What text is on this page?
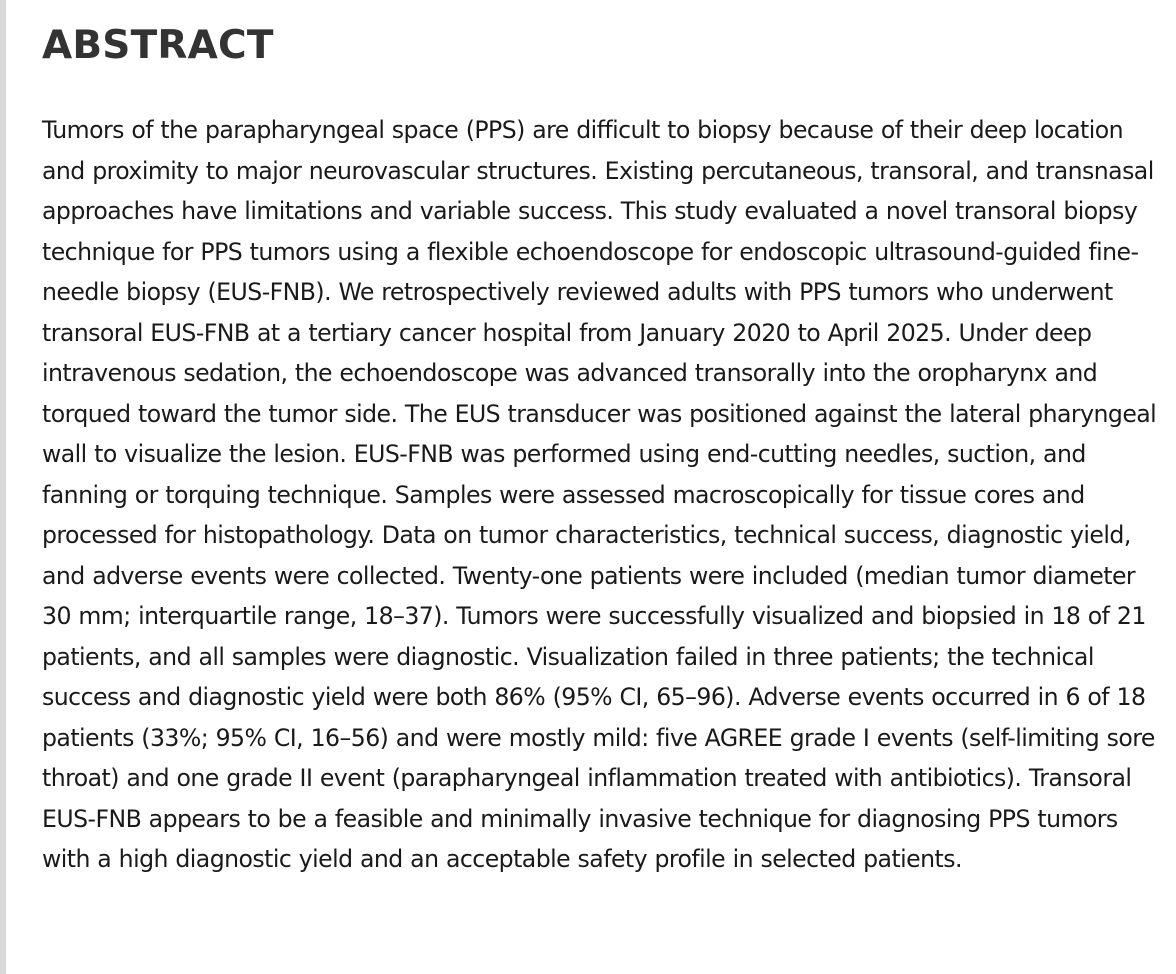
ABSTRACT

Tumors of the parapharyngeal space (PPS) are difficult to biopsy because of their deep location and proximity to major neurovascular structures. Existing percutaneous, transoral, and transnasal approaches have limitations and variable success. This study evaluated a novel transoral biopsy technique for PPS tumors using a flexible echoendoscope for endoscopic ultrasound-guided fine-needle biopsy (EUS-FNB). We retrospectively reviewed adults with PPS tumors who underwent transoral EUS-FNB at a tertiary cancer hospital from January 2020 to April 2025. Under deep intravenous sedation, the echoendoscope was advanced transorally into the oropharynx and torqued toward the tumor side. The EUS transducer was positioned against the lateral pharyngeal wall to visualize the lesion. EUS-FNB was performed using end-cutting needles, suction, and fanning or torquing technique. Samples were assessed macroscopically for tissue cores and processed for histopathology. Data on tumor characteristics, technical success, diagnostic yield, and adverse events were collected. Twenty-one patients were included (median tumor diameter 30 mm; interquartile range, 18–37). Tumors were successfully visualized and biopsied in 18 of 21 patients, and all samples were diagnostic. Visualization failed in three patients; the technical success and diagnostic yield were both 86% (95% CI, 65–96). Adverse events occurred in 6 of 18 patients (33%; 95% CI, 16–56) and were mostly mild: five AGREE grade I events (self-limiting sore throat) and one grade II event (parapharyngeal inflammation treated with antibiotics). Transoral EUS-FNB appears to be a feasible and minimally invasive technique for diagnosing PPS tumors with a high diagnostic yield and an acceptable safety profile in selected patients.
